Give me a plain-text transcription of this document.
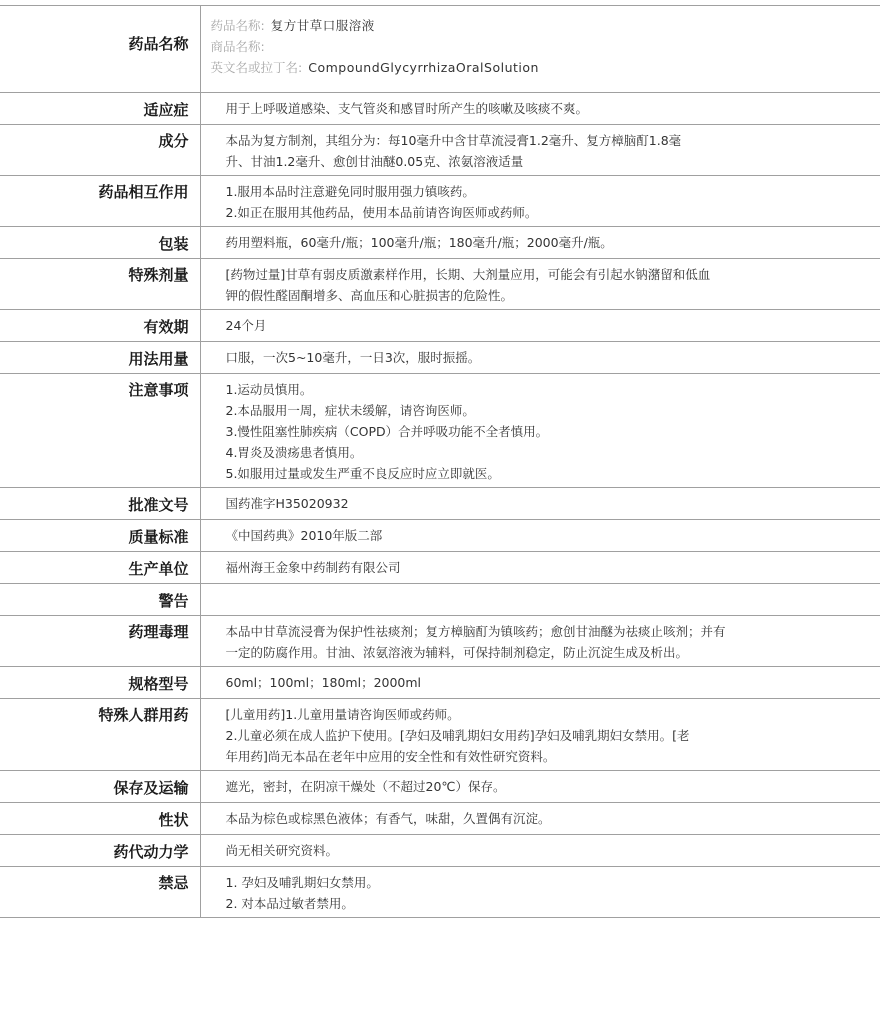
药品名称	药品名称: 复方甘草口服溶液
商品名称:
英文名或拉丁名: CompoundGlycyrrhizaOralSolution

适应症	用于上呼吸道感染、支气管炎和感冒时所产生的咳嗽及咳痰不爽。

成分	本品为复方制剂，其组分为：每10毫升中含甘草流浸膏1.2毫升、复方樟脑酊1.8毫
升、甘油1.2毫升、愈创甘油醚0.05克、浓氨溶液适量

药品相互作用	1.服用本品时注意避免同时服用强力镇咳药。
2.如正在服用其他药品，使用本品前请咨询医师或药师。

包装	药用塑料瓶，60毫升/瓶；100毫升/瓶；180毫升/瓶；2000毫升/瓶。

特殊剂量	[药物过量]甘草有弱皮质激素样作用，长期、大剂量应用，可能会有引起水钠潴留和低血
钾的假性醛固酮增多、高血压和心脏损害的危险性。

有效期	24个月

用法用量	口服，一次5~10毫升，一日3次，服时振摇。

注意事项	1.运动员慎用。
2.本品服用一周，症状未缓解，请咨询医师。
3.慢性阻塞性肺疾病（COPD）合并呼吸功能不全者慎用。
4.胃炎及溃疡患者慎用。
5.如服用过量或发生严重不良反应时应立即就医。

批准文号	国药准字H35020932

质量标准	《中国药典》2010年版二部

生产单位	福州海王金象中药制药有限公司

警告	

药理毒理	本品中甘草流浸膏为保护性祛痰剂；复方樟脑酊为镇咳药；愈创甘油醚为祛痰止咳剂；并有
一定的防腐作用。甘油、浓氨溶液为辅料，可保持制剂稳定，防止沉淀生成及析出。

规格型号	60ml；100ml；180ml；2000ml

特殊人群用药	[儿童用药]1.儿童用量请咨询医师或药师。
2.儿童必须在成人监护下使用。[孕妇及哺乳期妇女用药]孕妇及哺乳期妇女禁用。[老
年用药]尚无本品在老年中应用的安全性和有效性研究资料。

保存及运输	遮光，密封，在阴凉干燥处（不超过20℃）保存。

性状	本品为棕色或棕黑色液体；有香气，味甜，久置偶有沉淀。

药代动力学	尚无相关研究资料。

禁忌	1. 孕妇及哺乳期妇女禁用。
2. 对本品过敏者禁用。
